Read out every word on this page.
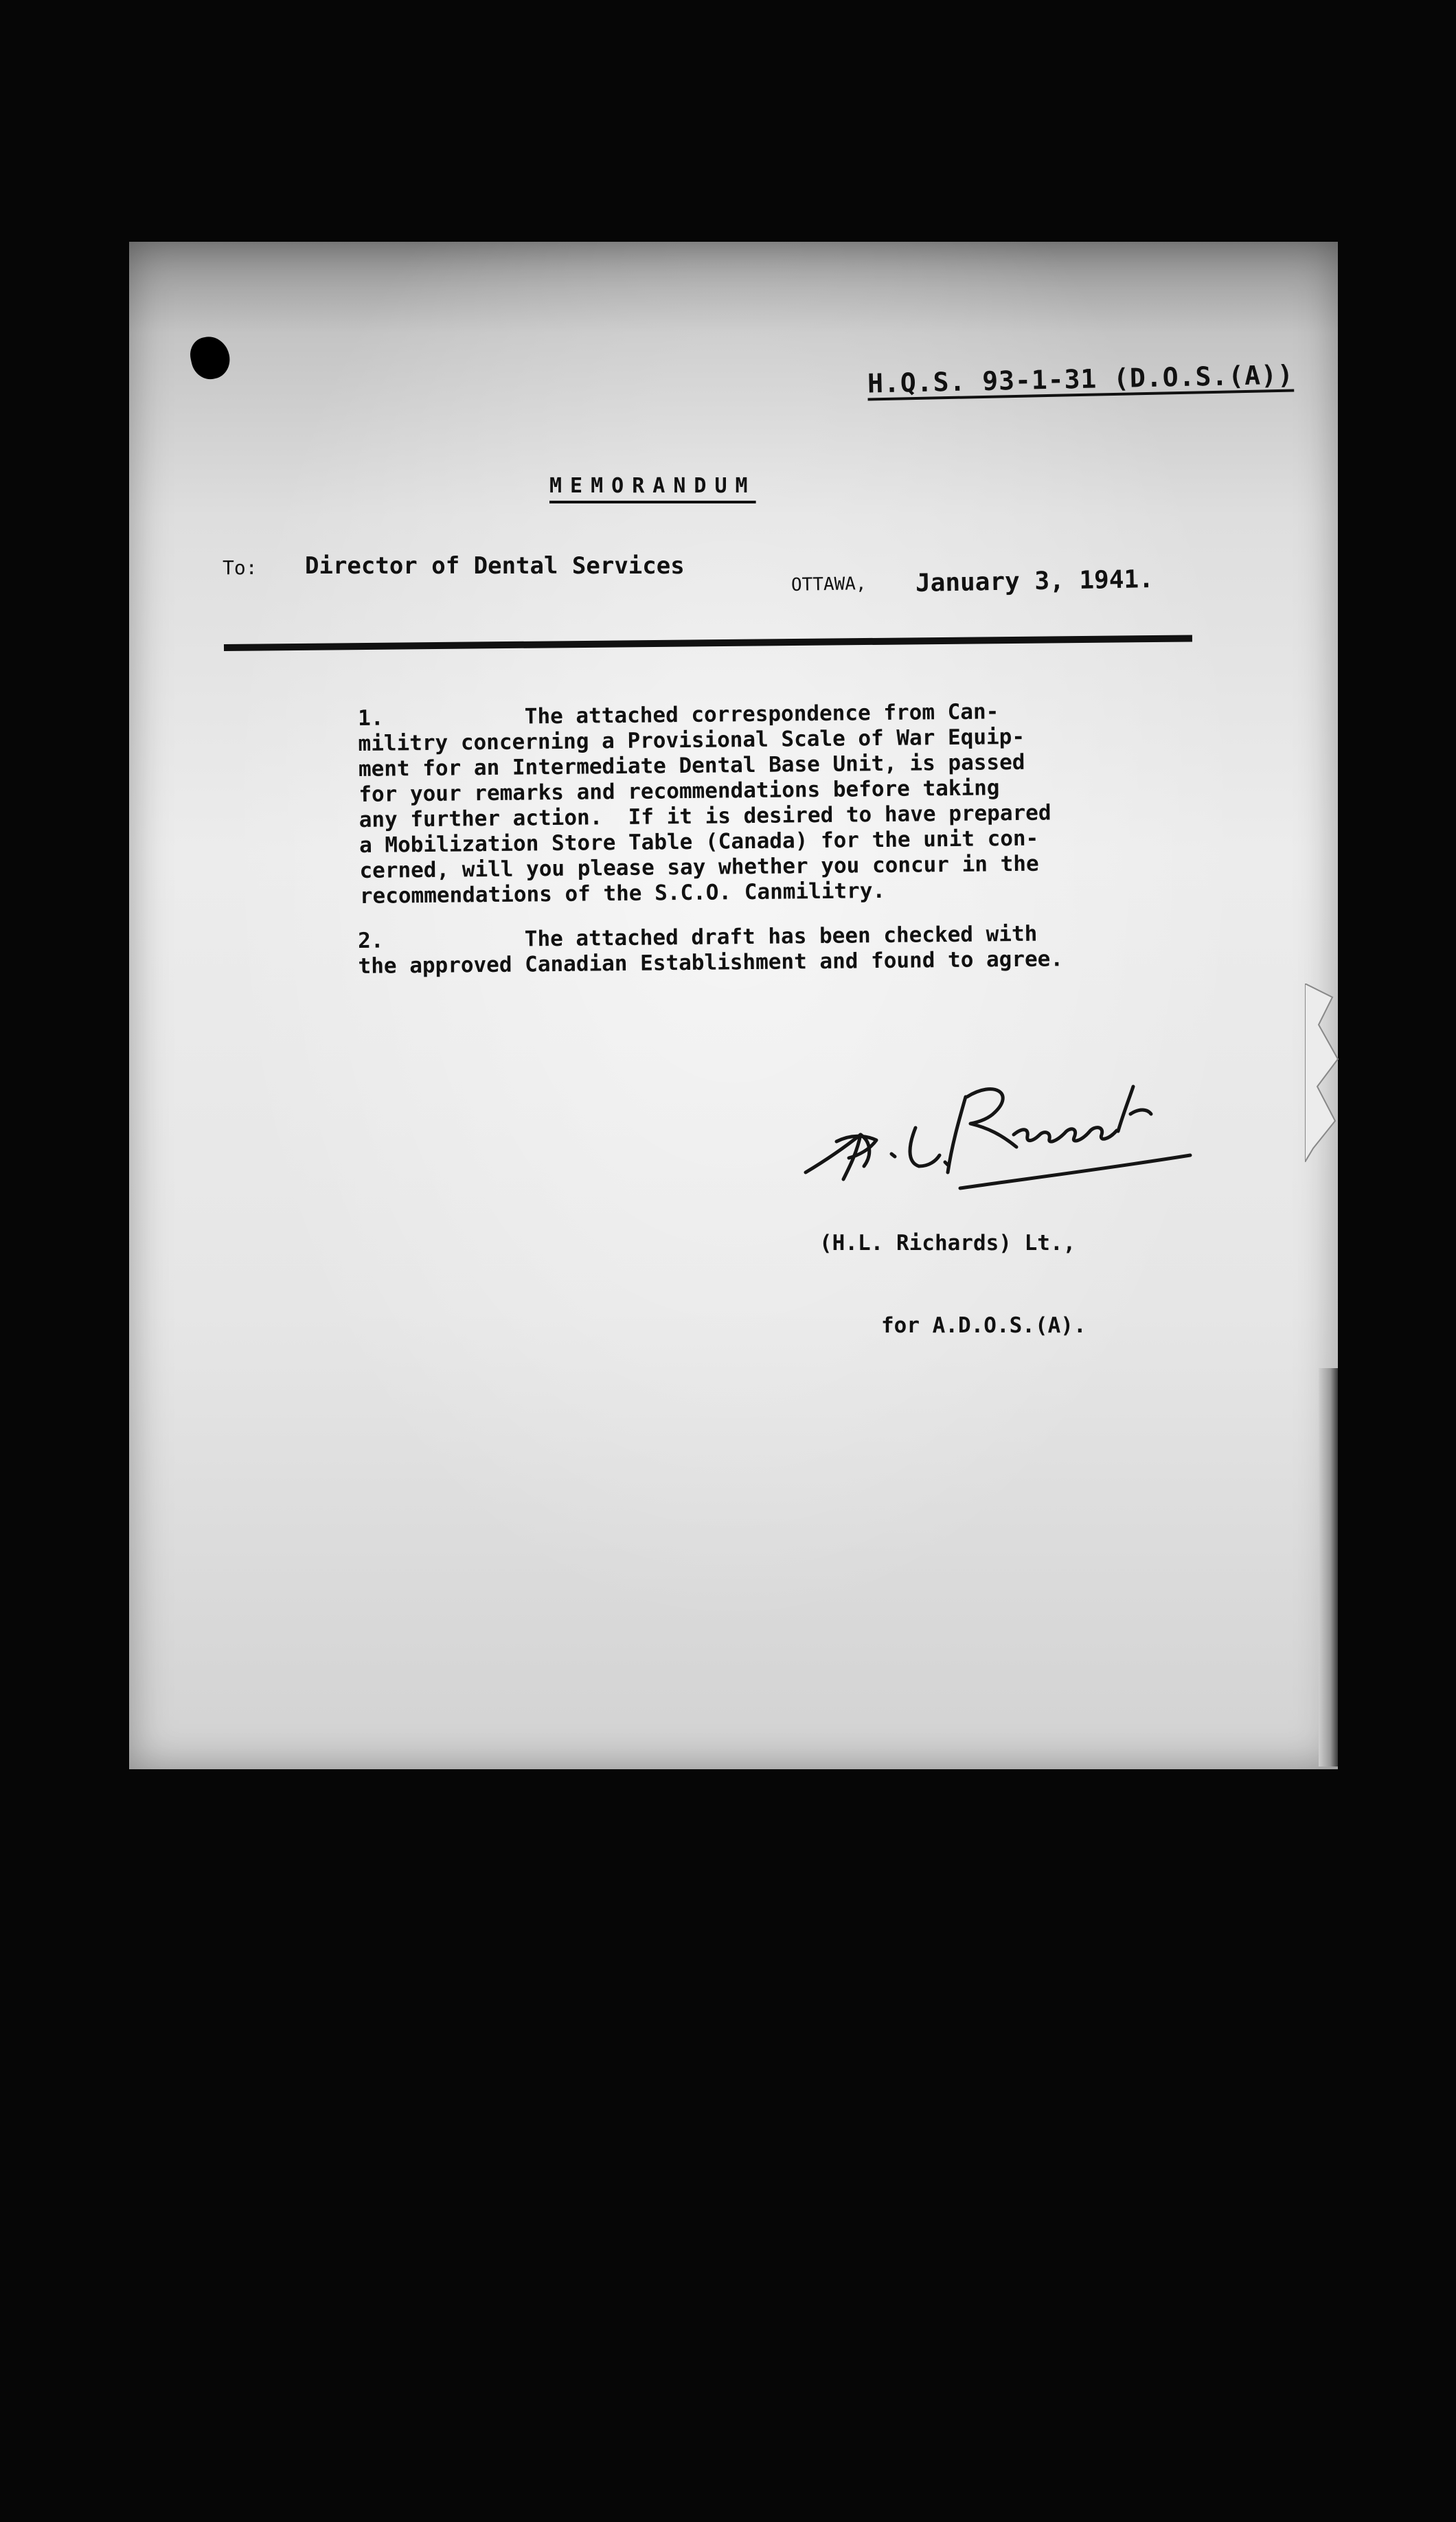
H.Q.S. 93-1-31 (D.O.S.(A))
MEMORANDUM
To: Director of Dental Services
OTTAWA, January 3, 1941.
1.           The attached correspondence from Can-
militry concerning a Provisional Scale of War Equip-
ment for an Intermediate Dental Base Unit, is passed
for your remarks and recommendations before taking
any further action.  If it is desired to have prepared
a Mobilization Store Table (Canada) for the unit con-
cerned, will you please say whether you concur in the
recommendations of the S.C.O. Canmilitry.
2.           The attached draft has been checked with
the approved Canadian Establishment and found to agree.

(H.L. Richards) Lt.,

for A.D.O.S.(A).
